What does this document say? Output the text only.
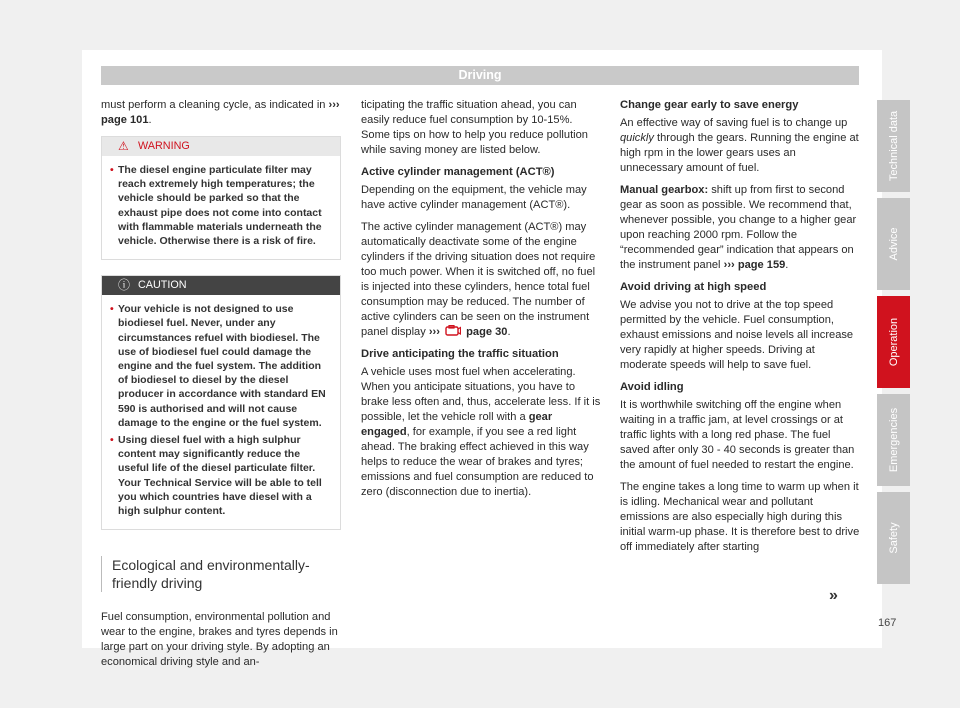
Driving

must perform a cleaning cycle, as indicated in ››› page 101.

⚠ WARNING
• The diesel engine particulate filter may reach extremely high temperatures; the vehicle should be parked so that the exhaust pipe does not come into contact with flammable materials underneath the vehicle. Otherwise there is a risk of fire.
ⓘ CAUTION
• Your vehicle is not designed to use biodiesel fuel. Never, under any circumstances refuel with biodiesel. The use of biodiesel fuel could damage the engine and the fuel system. The addition of biodiesel to diesel by the diesel producer in accordance with standard EN 590 is authorised and will not cause damage to the engine or the fuel system.
• Using diesel fuel with a high sulphur content may significantly reduce the useful life of the diesel particulate filter. Your Technical Service will be able to tell you which countries have diesel with a high sulphur content.
Ecological and environmentally-friendly driving

Fuel consumption, environmental pollution and wear to the engine, brakes and tyres depends in large part on your driving style. By adopting an economical driving style and an-

ticipating the traffic situation ahead, you can easily reduce fuel consumption by 10-15%. Some tips on how to help you reduce pollution while saving money are listed below.

Active cylinder management (ACT®)

Depending on the equipment, the vehicle may have active cylinder management (ACT®).

The active cylinder management (ACT®) may automatically deactivate some of the engine cylinders if the driving situation does not require too much power. When it is switched off, no fuel is injected into these cylinders, hence total fuel consumption may be reduced. The number of active cylinders can be seen on the instrument panel display ››› page 30.

Drive anticipating the traffic situation

A vehicle uses most fuel when accelerating. When you anticipate situations, you have to brake less often and, thus, accelerate less. If it is possible, let the vehicle roll with a gear engaged, for example, if you see a red light ahead. The braking effect achieved in this way helps to reduce the wear of brakes and tyres; emissions and fuel consumption are reduced to zero (disconnection due to inertia).

Change gear early to save energy

An effective way of saving fuel is to change up quickly through the gears. Running the engine at high rpm in the lower gears uses an unnecessary amount of fuel.

Manual gearbox: shift up from first to second gear as soon as possible. We recommend that, whenever possible, you change to a higher gear upon reaching 2000 rpm. Follow the “recommended gear” indication that appears on the instrument panel ››› page 159.

Avoid driving at high speed

We advise you not to drive at the top speed permitted by the vehicle. Fuel consumption, exhaust emissions and noise levels all increase very rapidly at higher speeds. Driving at moderate speeds will help to save fuel.

Avoid idling

It is worthwhile switching off the engine when waiting in a traffic jam, at level crossings or at traffic lights with a long red phase. The fuel saved after only 30 - 40 seconds is greater than the amount of fuel needed to restart the engine.

The engine takes a long time to warm up when it is idling. Mechanical wear and pollutant emissions are also especially high during this initial warm-up phase. It is therefore best to drive off immediately after starting

Technical data
Advice
Operation
Emergencies
Safety
»
167
